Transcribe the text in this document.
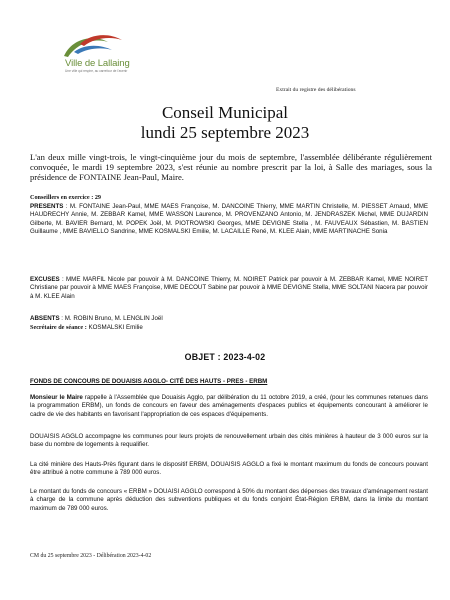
Ville de Lallaing
Une ville qui respire, au carrefour de l'avenir
Extrait du registre des délibérations
Conseil Municipal
lundi 25 septembre 2023
L'an deux mille vingt-trois, le vingt-cinquième jour du mois de septembre, l'assemblée délibérante régulièrement convoquée, le mardi 19 septembre 2023, s'est réunie au nombre prescrit par la loi, à Salle des mariages, sous la présidence de FONTAINE Jean-Paul, Maire.
Conseillers en exercice : 29
PRESENTS : M. FONTAINE Jean-Paul, MME MAES Françoise, M. DANCOINE Thierry, MME MARTIN Christelle, M. PIESSET Arnaud, MME HAUDRECHY Annie, M. ZEBBAR Kamel, MME WASSON Laurence, M. PROVENZANO Antonio, M. JENDRASZEK Michel, MME DUJARDIN Gilberte, M. BAVIER Bernard, M. POPEK Joël, M. PIOTROWSKI Georges, MME DEVIGNE Stella , M. FAUVEAUX Sébastien, M. BASTIEN Guillaume , MME BAVIELLO Sandrine, MME KOSMALSKI Emilie, M. LACAILLE René, M. KLEE Alain, MME MARTINACHE Sonia
EXCUSES : MME MARFIL Nicole par pouvoir à M. DANCOINE Thierry, M. NOIRET Patrick par pouvoir à M. ZEBBAR Kamel, MME NOIRET Christiane par pouvoir à MME MAES Françoise, MME DECOUT Sabine par pouvoir à MME DEVIGNE Stella, MME SOLTANI Nacera par pouvoir à M. KLEE Alain
ABSENTS : M. ROBIN Bruno, M. LENGLIN Joël
Secrétaire de séance : KOSMALSKI Emilie
OBJET : 2023-4-02
FONDS DE CONCOURS DE DOUAISIS AGGLO- CITÉ DES HAUTS - PRES - ERBM
Monsieur le Maire rappelle à l'Assemblée que Douaisis Agglo, par délibération du 11 octobre 2019, a créé, (pour les communes retenues dans la programmation ERBM), un fonds de concours en faveur des aménagements d'espaces publics et équipements concourant à améliorer le cadre de vie des habitants en favorisant l'appropriation de ces espaces d'équipements.
DOUAISIS AGGLO accompagne les communes pour leurs projets de renouvellement urbain des cités minières à hauteur de 3 000 euros sur la base du nombre de logements à requalifier.
La cité minière des Hauts-Près figurant dans le dispositif ERBM, DOUAISIS AGGLO a fixé le montant maximum du fonds de concours pouvant être attribué à notre commune à 789 000 euros.
Le montant du fonds de concours « ERBM » DOUAISI AGGLO correspond à 50% du montant des dépenses des travaux d'aménagement restant à charge de la commune après déduction des subventions publiques et du fonds conjoint État-Région ERBM, dans la limite du montant maximum de 789 000 euros.
CM du 25 septembre 2023 - Délibération 2023-4-02
